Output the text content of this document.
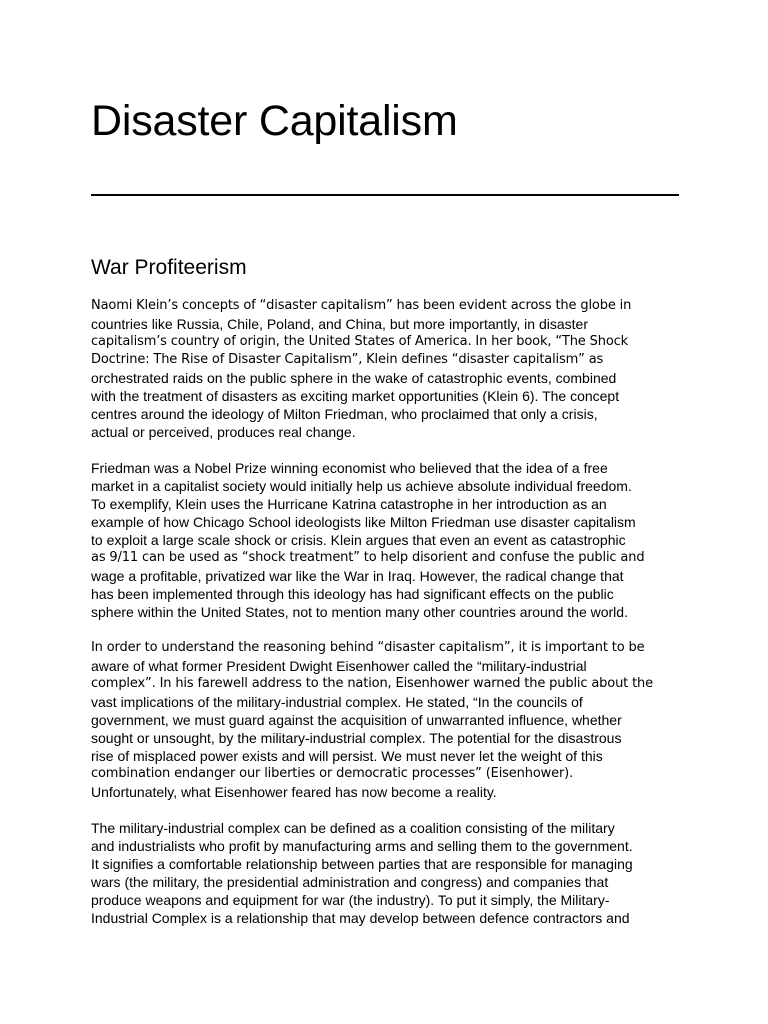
Disaster Capitalism
War Profiteerism
Naomi Klein’s concepts of “disaster capitalism” has been evident across the globe in
countries like Russia, Chile, Poland, and China, but more importantly, in disaster
capitalism’s country of origin, the United States of America. In her book, “The Shock
Doctrine: The Rise of Disaster Capitalism”, Klein defines “disaster capitalism” as
orchestrated raids on the public sphere in the wake of catastrophic events, combined
with the treatment of disasters as exciting market opportunities (Klein 6). The concept
centres around the ideology of Milton Friedman, who proclaimed that only a crisis,
actual or perceived, produces real change.
Friedman was a Nobel Prize winning economist who believed that the idea of a free
market in a capitalist society would initially help us achieve absolute individual freedom.
To exemplify, Klein uses the Hurricane Katrina catastrophe in her introduction as an
example of how Chicago School ideologists like Milton Friedman use disaster capitalism
to exploit a large scale shock or crisis. Klein argues that even an event as catastrophic
as 9/11 can be used as “shock treatment” to help disorient and confuse the public and
wage a profitable, privatized war like the War in Iraq. However, the radical change that
has been implemented through this ideology has had significant effects on the public
sphere within the United States, not to mention many other countries around the world.
In order to understand the reasoning behind “disaster capitalism”, it is important to be
aware of what former President Dwight Eisenhower called the “military-industrial
complex”. In his farewell address to the nation, Eisenhower warned the public about the
vast implications of the military-industrial complex. He stated, “In the councils of
government, we must guard against the acquisition of unwarranted influence, whether
sought or unsought, by the military-industrial complex. The potential for the disastrous
rise of misplaced power exists and will persist. We must never let the weight of this
combination endanger our liberties or democratic processes” (Eisenhower).
Unfortunately, what Eisenhower feared has now become a reality.
The military-industrial complex can be defined as a coalition consisting of the military
and industrialists who profit by manufacturing arms and selling them to the government.
It signifies a comfortable relationship between parties that are responsible for managing
wars (the military, the presidential administration and congress) and companies that
produce weapons and equipment for war (the industry). To put it simply, the Military-
Industrial Complex is a relationship that may develop between defence contractors and
